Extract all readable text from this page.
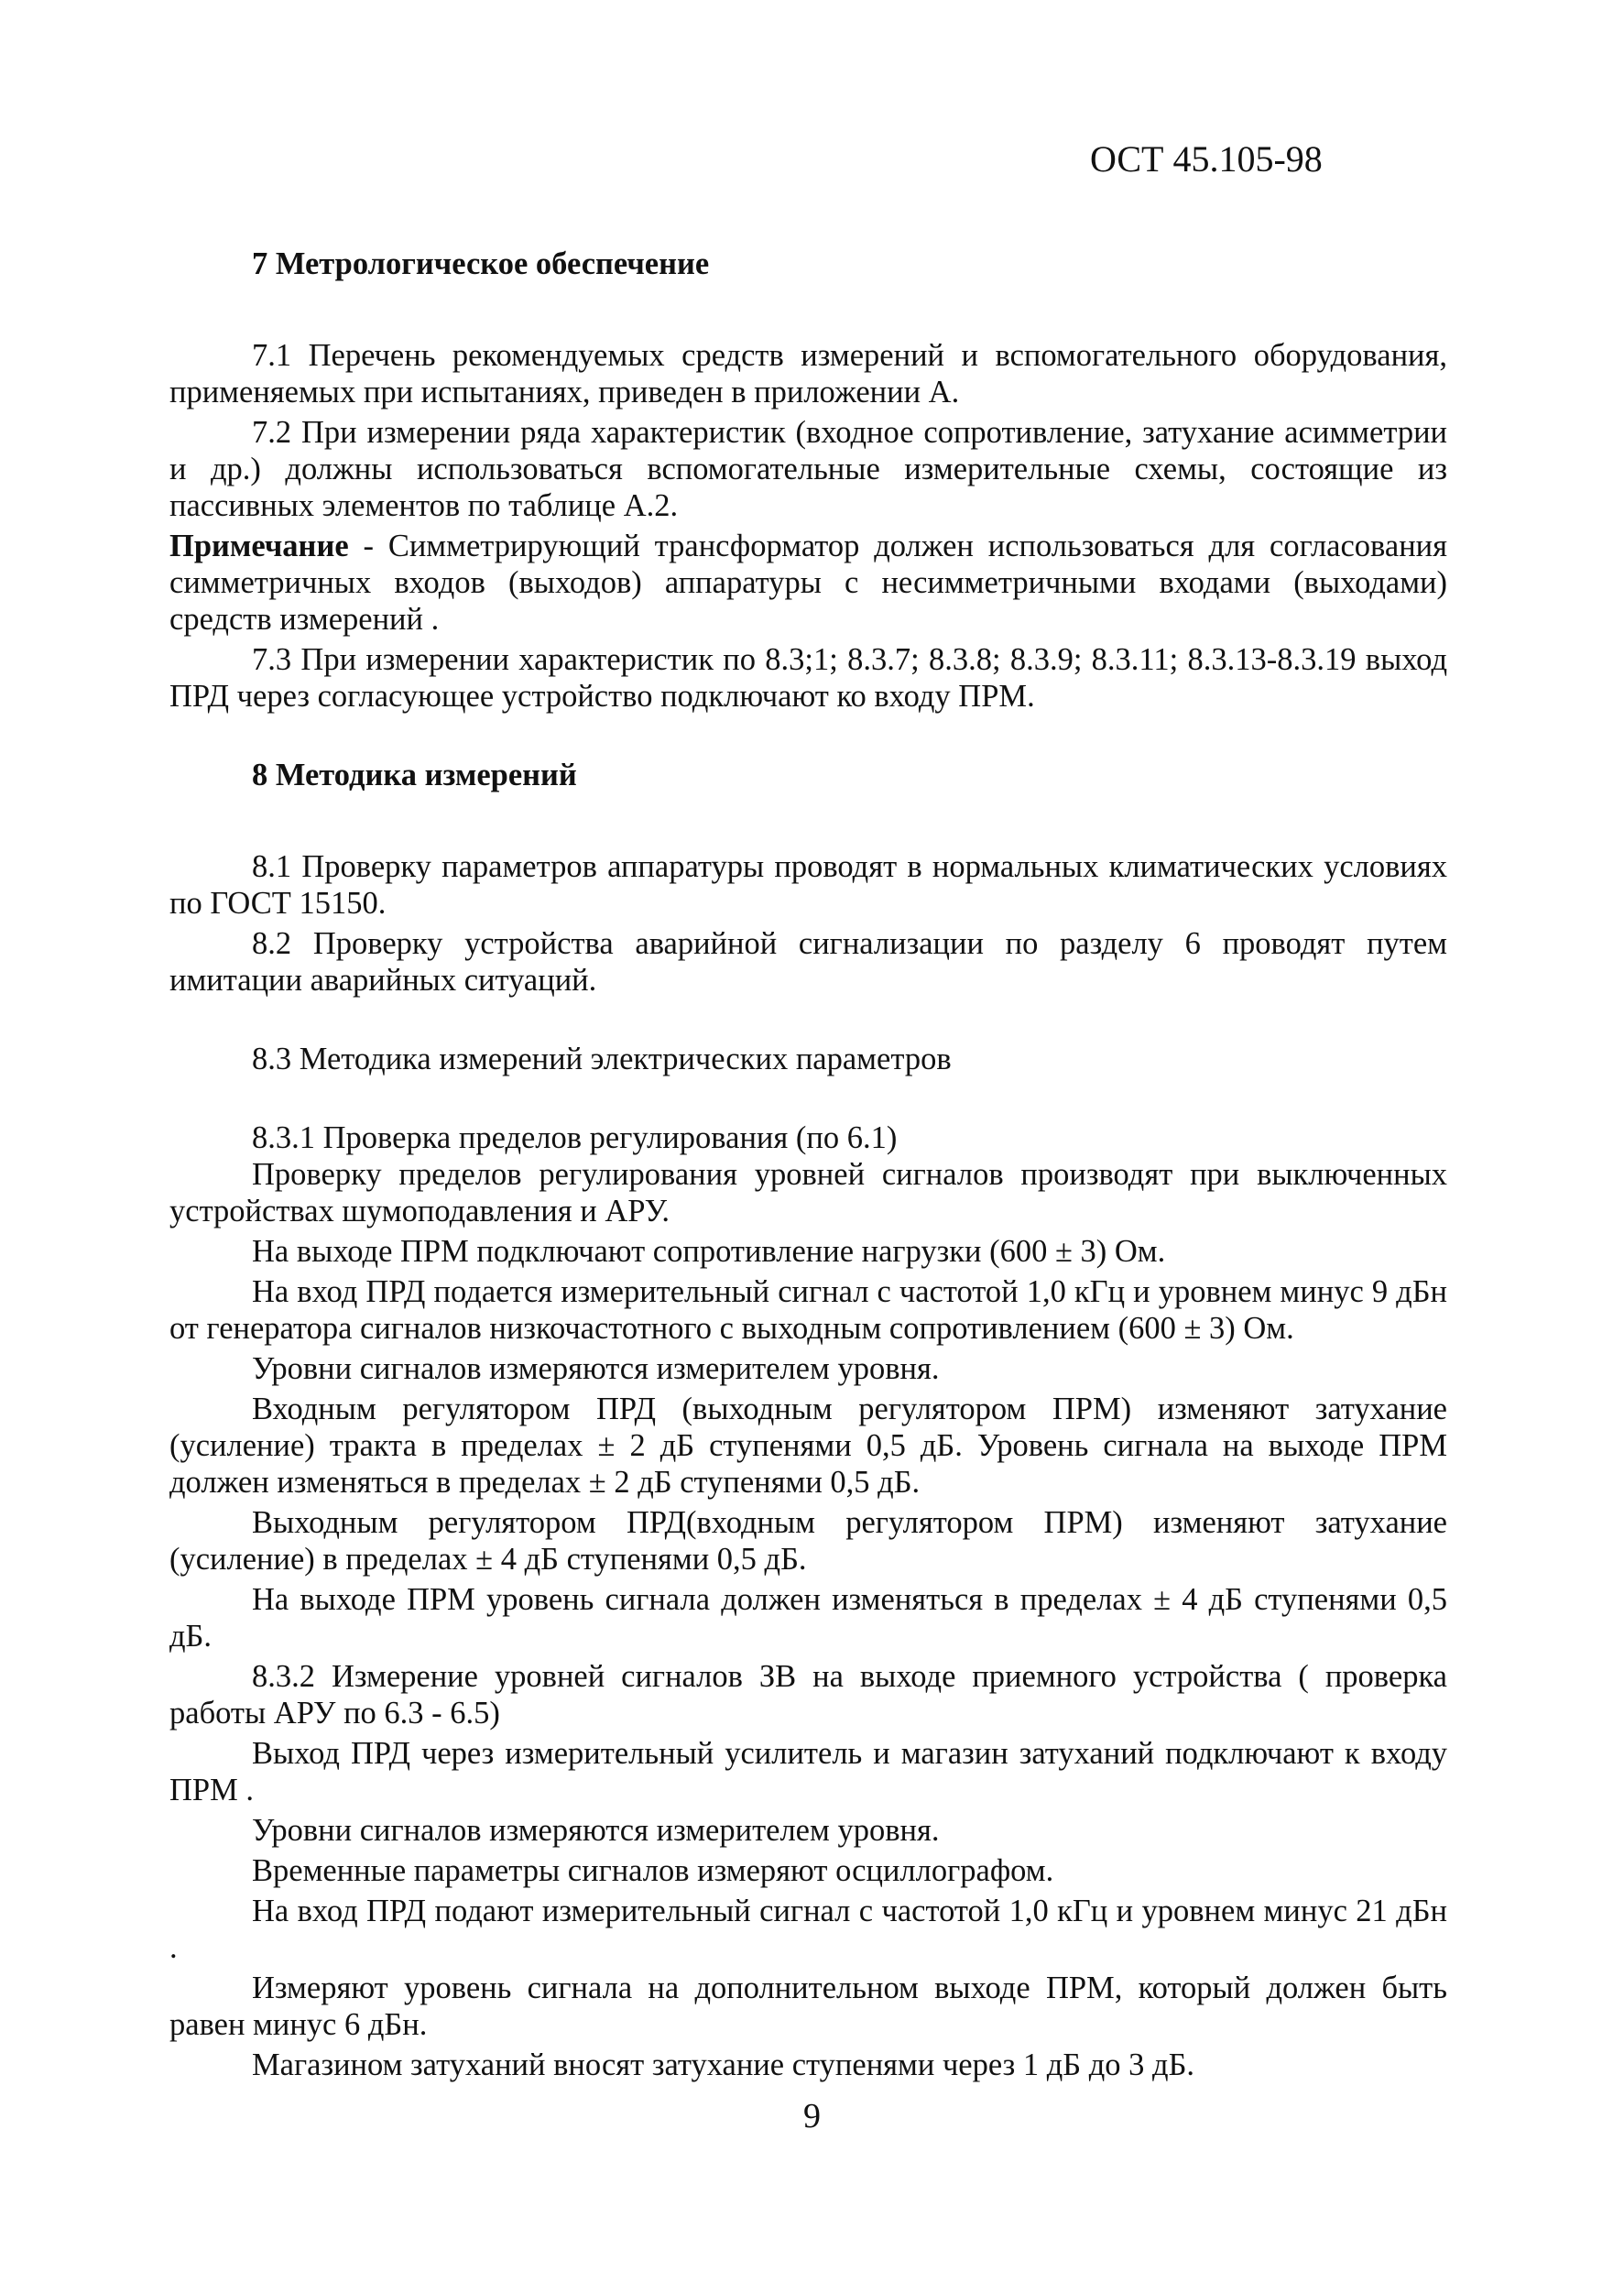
ОСТ 45.105-98
7 Метрологическое обеспечение

7.1 Перечень рекомендуемых средств измерений и вспомогательного оборудования, применяемых при испытаниях, приведен в приложении А.

7.2 При измерении ряда характеристик (входное сопротивление, затухание асимметрии и др.) должны использоваться вспомогательные измерительные схемы, состоящие из пассивных элементов по таблице А.2.

Примечание - Симметрирующий трансформатор должен использоваться для согласования симметричных входов (выходов) аппаратуры с несимметричными входами (выходами) средств измерений .

7.3 При измерении характеристик по 8.3;1; 8.3.7; 8.3.8; 8.3.9; 8.3.11; 8.3.13-8.3.19 выход ПРД через согласующее устройство подключают ко входу ПРМ.

8 Методика измерений

8.1 Проверку параметров аппаратуры проводят в нормальных климатических условиях по ГОСТ 15150.

8.2 Проверку устройства аварийной сигнализации по разделу 6 проводят путем имитации аварийных ситуаций.

8.3 Методика измерений электрических параметров

8.3.1 Проверка пределов регулирования (по 6.1)

Проверку пределов регулирования уровней сигналов производят при выключенных устройствах шумоподавления и АРУ.

На выходе ПРМ подключают сопротивление нагрузки (600 ± 3) Ом.

На вход ПРД подается измерительный сигнал с частотой 1,0 кГц и уровнем минус 9 дБн от генератора сигналов низкочастотного с выходным сопротивлением (600 ± 3) Ом.

Уровни сигналов измеряются измерителем уровня.

Входным регулятором ПРД (выходным регулятором ПРМ) изменяют затухание (усиление) тракта в пределах ± 2 дБ ступенями 0,5 дБ. Уровень сигнала на выходе ПРМ должен изменяться в пределах ± 2 дБ ступенями 0,5 дБ.

Выходным регулятором ПРД(входным регулятором ПРМ) изменяют затухание (усиление) в пределах ± 4 дБ ступенями 0,5 дБ.

На выходе ПРМ уровень сигнала должен изменяться в пределах ± 4 дБ ступенями 0,5 дБ.

8.3.2 Измерение уровней сигналов ЗВ на выходе приемного устройства ( проверка работы АРУ по 6.3 - 6.5)

Выход ПРД через измерительный усилитель и магазин затуханий подключают к входу ПРМ .

Уровни сигналов измеряются измерителем уровня.

Временные параметры сигналов измеряют осциллографом.

На вход ПРД подают измерительный сигнал с частотой 1,0 кГц и уровнем минус 21 дБн .

Измеряют уровень сигнала на дополнительном выходе ПРМ, который должен быть равен минус 6 дБн.

Магазином затуханий вносят затухание ступенями через 1 дБ до 3 дБ.

9
